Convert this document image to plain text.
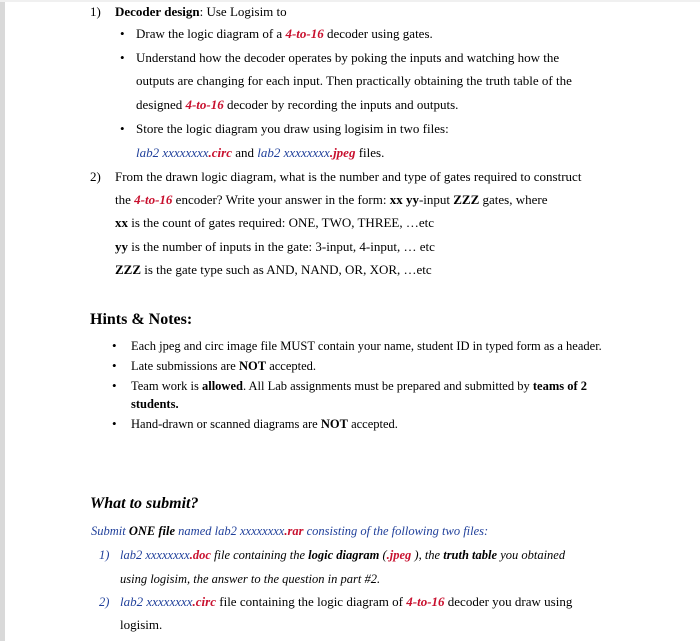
1) Decoder design: Use Logisim to
• Draw the logic diagram of a 4-to-16 decoder using gates.
• Understand how the decoder operates by poking the inputs and watching how the
outputs are changing for each input. Then practically obtaining the truth table of the
designed 4-to-16 decoder by recording the inputs and outputs.
• Store the logic diagram you draw using logisim in two files:
lab2 xxxxxxxx.circ and lab2 xxxxxxxx.jpeg files.
2) From the drawn logic diagram, what is the number and type of gates required to construct
the 4-to-16 encoder? Write your answer in the form: xx yy-input ZZZ gates, where
xx is the count of gates required: ONE, TWO, THREE, …etc
yy is the number of inputs in the gate: 3-input, 4-input, … etc
ZZZ is the gate type such as AND, NAND, OR, XOR, …etc
Hints & Notes:
• Each jpeg and circ image file MUST contain your name, student ID in typed form as a header.
• Late submissions are NOT accepted.
• Team work is allowed. All Lab assignments must be prepared and submitted by teams of 2
students.
• Hand-drawn or scanned diagrams are NOT accepted.
What to submit?
Submit ONE file named lab2 xxxxxxxx.rar consisting of the following two files:
1) lab2 xxxxxxxx.doc file containing the logic diagram (.jpeg ), the truth table you obtained
using logisim, the answer to the question in part #2.
2) lab2 xxxxxxxx.circ file containing the logic diagram of 4-to-16 decoder you draw using
logisim.
